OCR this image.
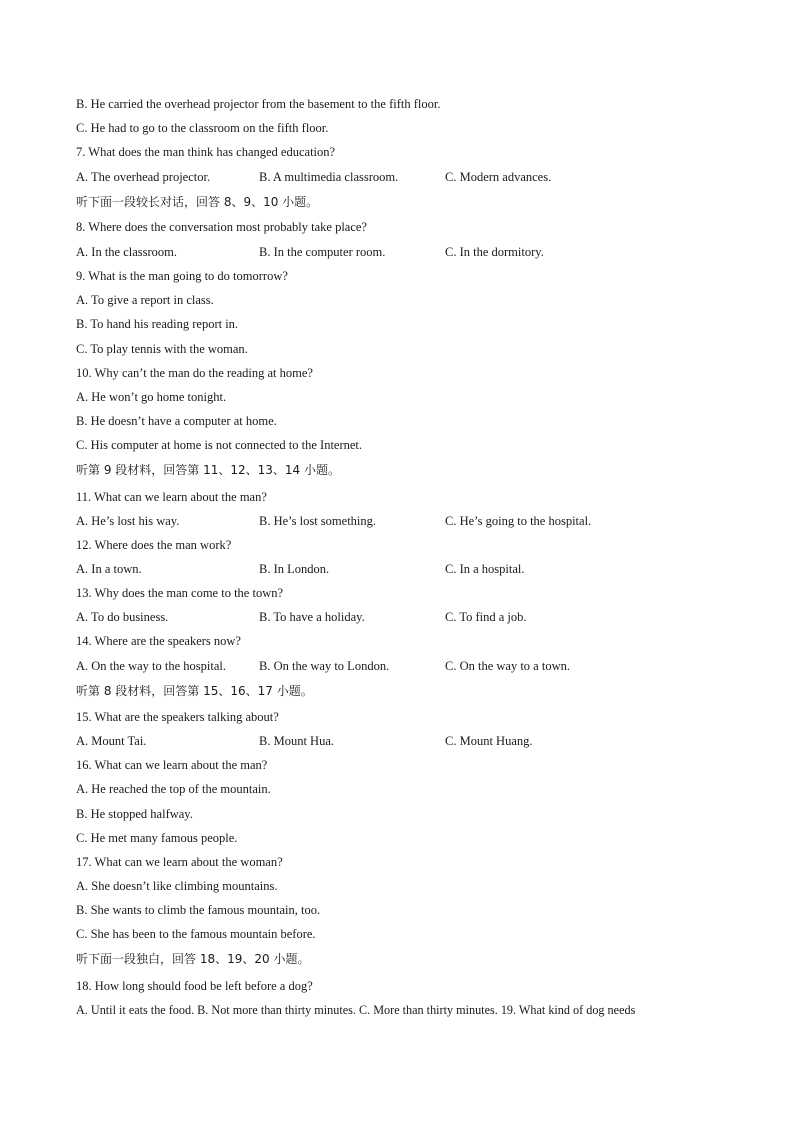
B. He carried the overhead projector from the basement to the fifth floor.
C. He had to go to the classroom on the fifth floor.
7. What does the man think has changed education?
A. The overhead projector.	B. A multimedia classroom.	C. Modern advances.
听下面一段较长对话，回答 8、9、10 小题。
8. Where does the conversation most probably take place?
A. In the classroom.	B. In the computer room.	C. In the dormitory.
9. What is the man going to do tomorrow?
A. To give a report in class.
B. To hand his reading report in.
C. To play tennis with the woman.
10. Why can’t the man do the reading at home?
A. He won’t go home tonight.
B. He doesn’t have a computer at home.
C. His computer at home is not connected to the Internet.
听第 9 段材料，回答第 11、12、13、14 小题。
11. What can we learn about the man?
A. He’s lost his way.	B. He’s lost something.	C. He’s going to the hospital.
12. Where does the man work?
A. In a town.	B. In London.	C. In a hospital.
13. Why does the man come to the town?
A. To do business.	B. To have a holiday.	C. To find a job.
14. Where are the speakers now?
A. On the way to the hospital.	B. On the way to London.	C. On the way to a town.
听第 8 段材料，回答第 15、16、17 小题。
15. What are the speakers talking about?
A. Mount Tai.	B. Mount Hua.	C. Mount Huang.
16. What can we learn about the man?
A. He reached the top of the mountain.
B. He stopped halfway.
C. He met many famous people.
17. What can we learn about the woman?
A. She doesn’t like climbing mountains.
B. She wants to climb the famous mountain, too.
C. She has been to the famous mountain before.
听下面一段独白，回答 18、19、20 小题。
18. How long should food be left before a dog?
A. Until it eats the food. B. Not more than thirty minutes. C. More than thirty minutes. 19. What kind of dog needs
